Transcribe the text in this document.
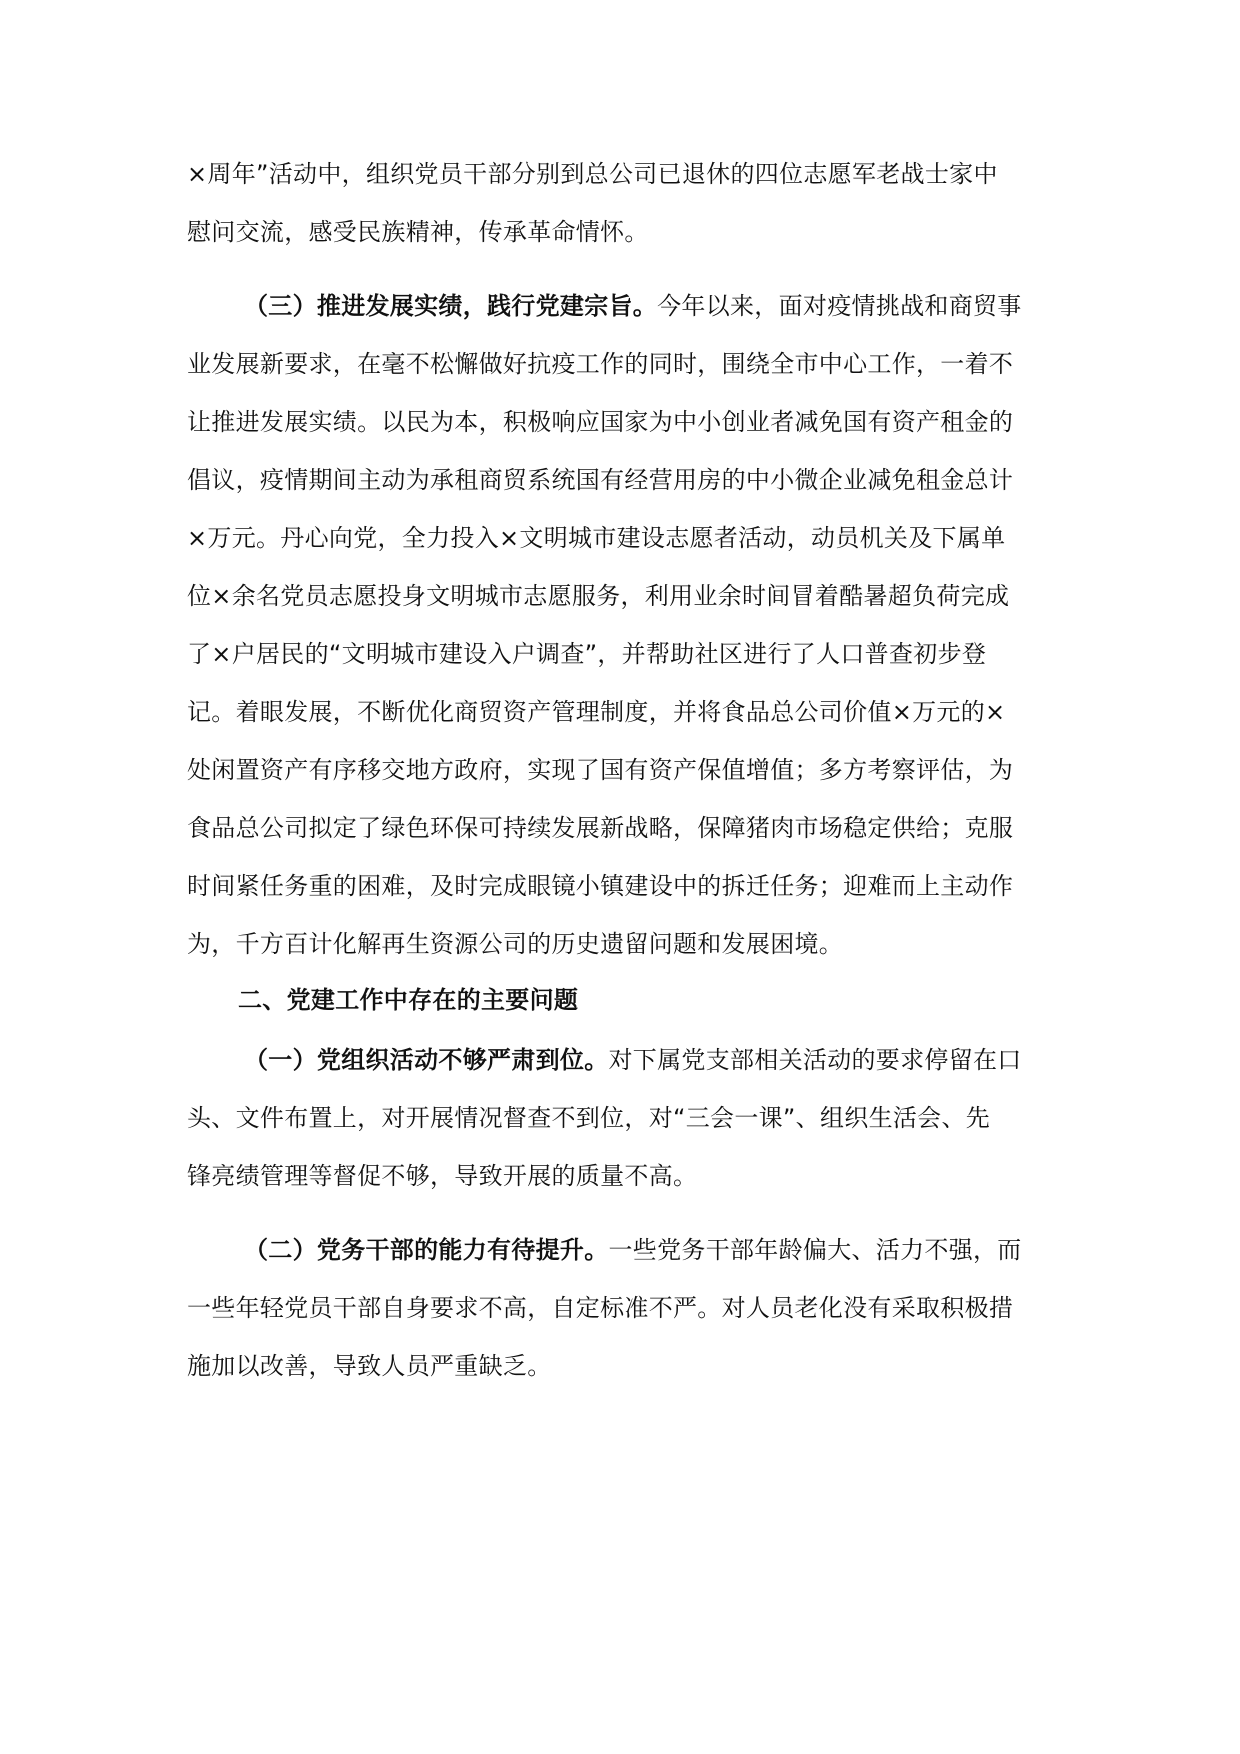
×周年”活动中，组织党员干部分别到总公司已退休的四位志愿军老战士家中
慰问交流，感受民族精神，传承革命情怀。
（三）推进发展实绩，践行党建宗旨。今年以来，面对疫情挑战和商贸事
业发展新要求，在毫不松懈做好抗疫工作的同时，围绕全市中心工作，一着不
让推进发展实绩。以民为本，积极响应国家为中小创业者减免国有资产租金的
倡议，疫情期间主动为承租商贸系统国有经营用房的中小微企业减免租金总计
×万元。丹心向党，全力投入×文明城市建设志愿者活动，动员机关及下属单
位×余名党员志愿投身文明城市志愿服务，利用业余时间冒着酷暑超负荷完成
了×户居民的“文明城市建设入户调查”，并帮助社区进行了人口普查初步登
记。着眼发展，不断优化商贸资产管理制度，并将食品总公司价值×万元的×
处闲置资产有序移交地方政府，实现了国有资产保值增值；多方考察评估，为
食品总公司拟定了绿色环保可持续发展新战略，保障猪肉市场稳定供给；克服
时间紧任务重的困难，及时完成眼镜小镇建设中的拆迁任务；迎难而上主动作
为，千方百计化解再生资源公司的历史遗留问题和发展困境。
二、党建工作中存在的主要问题
（一）党组织活动不够严肃到位。对下属党支部相关活动的要求停留在口
头、文件布置上，对开展情况督查不到位，对“三会一课”、组织生活会、先
锋亮绩管理等督促不够，导致开展的质量不高。
（二）党务干部的能力有待提升。一些党务干部年龄偏大、活力不强，而
一些年轻党员干部自身要求不高，自定标准不严。对人员老化没有采取积极措
施加以改善，导致人员严重缺乏。
